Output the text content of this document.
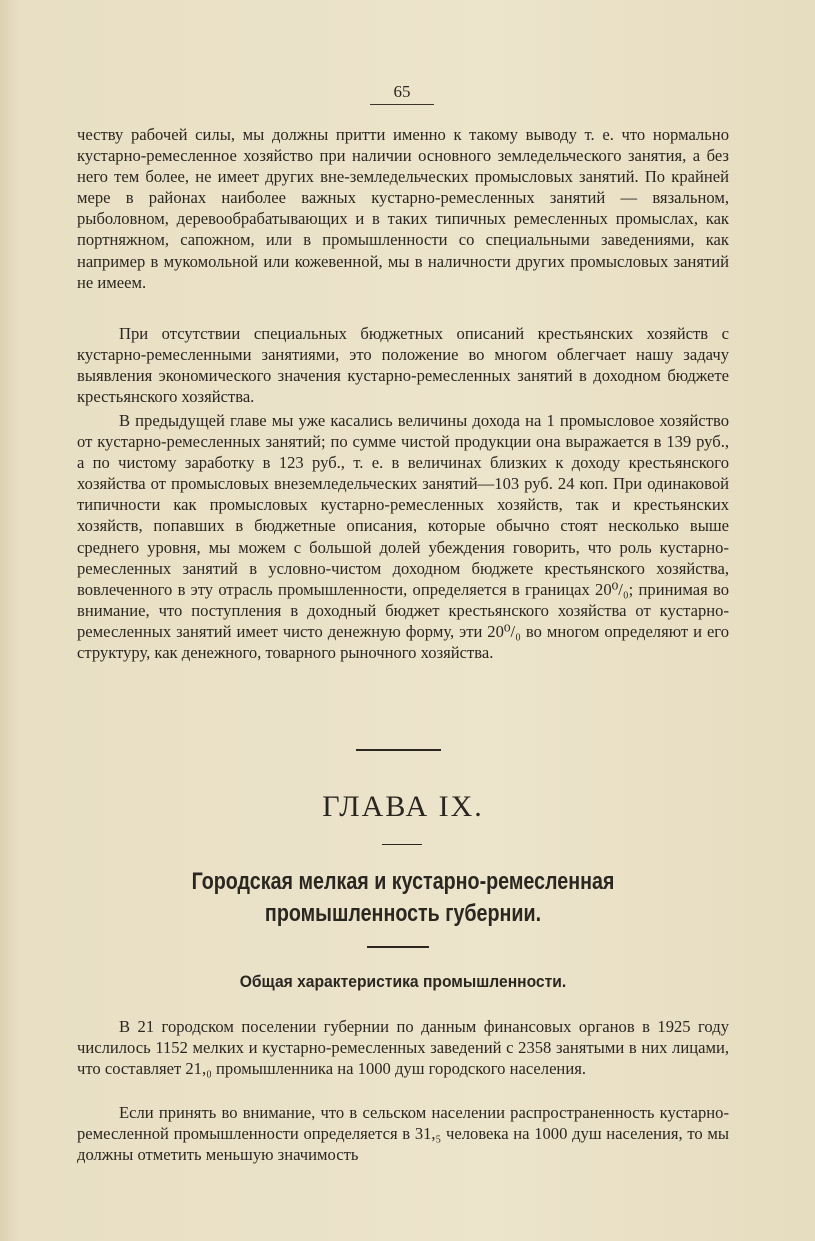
65

честву рабочей силы, мы должны притти именно к такому выводу т. е. что нормально кустарно-ремесленное хозяйство при наличии основного земледельческого занятия, а без него тем более, не имеет других вне-земледельческих промысловых занятий. По крайней мере в районах наиболее важных кустарно-ремесленных занятий — вязальном, рыболовном, деревообрабатывающих и в таких типичных ремесленных промыслах, как портняжном, сапожном, или в промышленности со специальными заведениями, как например в мукомольной или кожевенной, мы в наличности других промысловых занятий не имеем.

При отсутствии специальных бюджетных описаний крестьянских хозяйств с кустарно-ремесленными занятиями, это положение во многом облегчает нашу задачу выявления экономического значения кустарно-ремесленных занятий в доходном бюджете крестьянского хозяйства.

В предыдущей главе мы уже касались величины дохода на 1 промысловое хозяйство от кустарно-ремесленных занятий; по сумме чистой продукции она выражается в 139 руб., а по чистому заработку в 123 руб., т. е. в величинах близких к доходу крестьянского хозяйства от промысловых внеземледельческих занятий—103 руб. 24 коп. При одинаковой типичности как промысловых кустарно-ремесленных хозяйств, так и крестьянских хозяйств, попавших в бюджетные описания, которые обычно стоят несколько выше среднего уровня, мы можем с большой долей убеждения говорить, что роль кустарно-ремесленных занятий в условно-чистом доходном бюджете крестьянского хозяйства, вовлеченного в эту отрасль промышленности, определяется в границах 20⁰/₀; принимая во внимание, что поступления в доходный бюджет крестьянского хозяйства от кустарно-ремесленных занятий имеет чисто денежную форму, эти 20⁰/₀ во многом определяют и его структуру, как денежного, товарного рыночного хозяйства.

ГЛАВА IX.
Городская мелкая и кустарно-ремесленная промышленность губернии.
Общая характеристика промышленности.

В 21 городском поселении губернии по данным финансовых органов в 1925 году числилось 1152 мелких и кустарно-ремесленных заведений с 2358 занятыми в них лицами, что составляет 21,₀ промышленника на 1000 душ городского населения.

Если принять во внимание, что в сельском населении распространенность кустарно-ремесленной промышленности определяется в 31,₅ человека на 1000 душ населения, то мы должны отметить меньшую значимость
